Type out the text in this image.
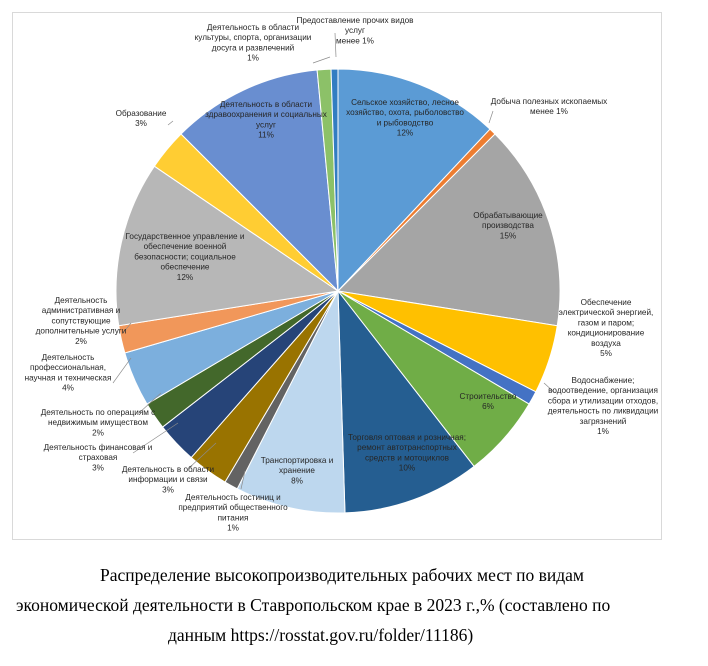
Сельское хозяйство, лесное хозяйство, охота, рыболовство и рыбоводство 12%
Добыча полезных ископаемых менее 1%
Обрабатывающие производства 15%
Обеспечение электрической энергией, газом и паром; кондиционирование воздуха 5%
Водоснабжение; водоотведение, организация сбора и утилизации отходов, деятельность по ликвидации загрязнений 1%
Строительство 6%
Торговля оптовая и розничная; ремонт автотранспортных средств и мотоциклов 10%
Транспортировка и хранение 8%
Деятельность гостиниц и предприятий общественного питания 1%
Деятельность в области информации и связи 3%
Деятельность финансовая и страховая 3%
Деятельность по операциям с недвижимым имуществом 2%
Деятельность профессиональная, научная и техническая 4%
Деятельность административная и сопутствующие дополнительные услуги 2%
Государственное управление и обеспечение военной безопасности; социальное обеспечение 12%
Образование 3%
Деятельность в области здравоохранения и социальных услуг 11%
Деятельность в области культуры, спорта, организации досуга и развлечений 1%
Предоставление прочих видов услуг менее 1%
Распределение высокопроизводительных рабочих мест по видам
экономической деятельности в Ставропольском крае в 2023 г.,% (составлено по
данным https://rosstat.gov.ru/folder/11186)
